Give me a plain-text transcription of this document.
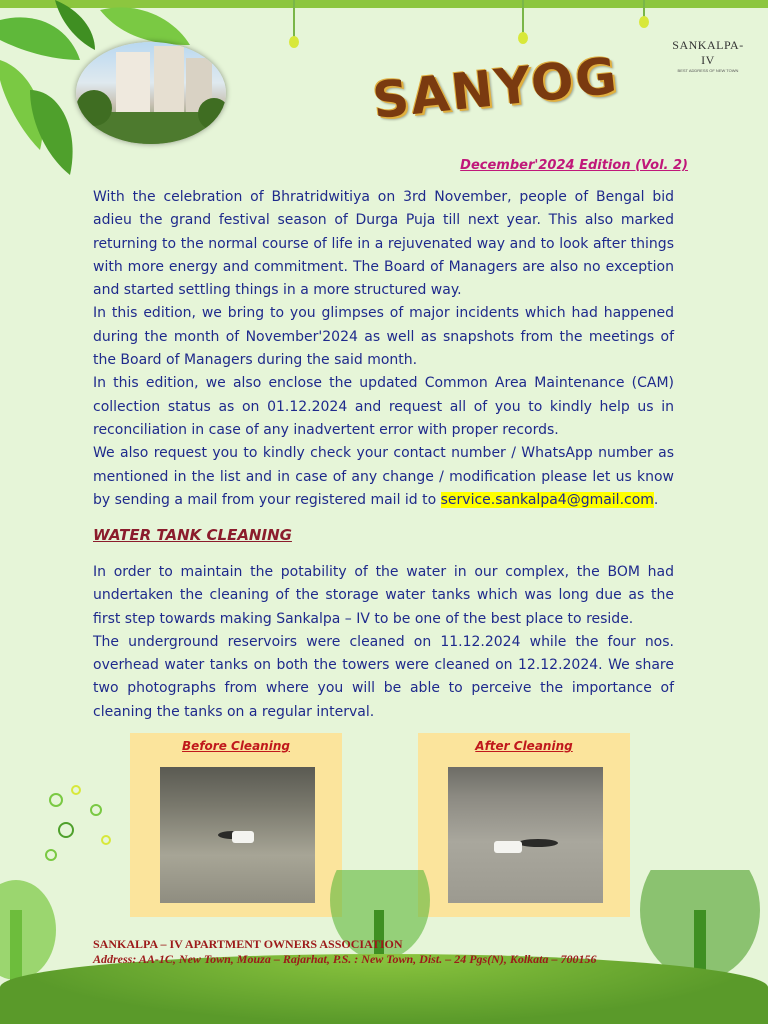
SANKALPA-IV
BEST ADDRESS OF NEW TOWN
SANYOG
December'2024 Edition (Vol. 2)

With the celebration of Bhratridwitiya on 3rd November, people of Bengal bid adieu the grand festival season of Durga Puja till next year. This also marked returning to the normal course of life in a rejuvenated way and to look after things with more energy and commitment. The Board of Managers are also no exception and started settling things in a more structured way.

In this edition, we bring to you glimpses of major incidents which had happened during the month of November'2024 as well as snapshots from the meetings of the Board of Managers during the said month.

In this edition, we also enclose the updated Common Area Maintenance (CAM) collection status as on 01.12.2024 and request all of you to kindly help us in reconciliation in case of any inadvertent error with proper records.

We also request you to kindly check your contact number / WhatsApp number as mentioned in the list and in case of any change / modification please let us know by sending a mail from your registered mail id to service.sankalpa4@gmail.com.

WATER TANK CLEANING

In order to maintain the potability of the water in our complex, the BOM had undertaken the cleaning of the storage water tanks which was long due as the first step towards making Sankalpa – IV to be one of the best place to reside.

The underground reservoirs were cleaned on 11.12.2024 while the four nos. overhead water tanks on both the towers were cleaned on 12.12.2024. We share two photographs from where you will be able to perceive the importance of cleaning the tanks on a regular interval.

Before Cleaning	After Cleaning

SANKALPA – IV APARTMENT OWNERS ASSOCIATION

Address: AA-1C, New Town, Mouza – Rajarhat, P.S. : New Town, Dist. – 24 Pgs(N), Kolkata – 700156
